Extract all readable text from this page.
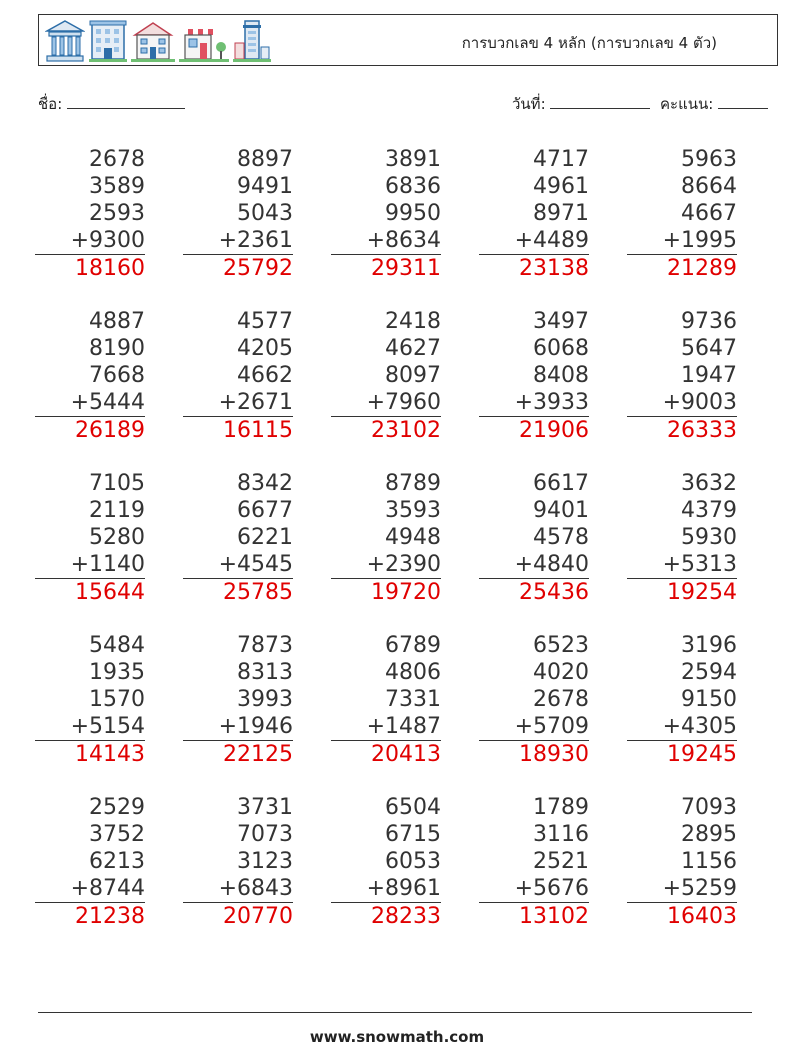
การบวกเลข 4 หลัก (การบวกเลข 4 ตัว)
ชื่อ:	วันที่:	คะแนน:
2678
3589
2593
+9300
18160
8897
9491
5043
+2361
25792
3891
6836
9950
+8634
29311
4717
4961
8971
+4489
23138
5963
8664
4667
+1995
21289
4887
8190
7668
+5444
26189
4577
4205
4662
+2671
16115
2418
4627
8097
+7960
23102
3497
6068
8408
+3933
21906
9736
5647
1947
+9003
26333
7105
2119
5280
+1140
15644
8342
6677
6221
+4545
25785
8789
3593
4948
+2390
19720
6617
9401
4578
+4840
25436
3632
4379
5930
+5313
19254
5484
1935
1570
+5154
14143
7873
8313
3993
+1946
22125
6789
4806
7331
+1487
20413
6523
4020
2678
+5709
18930
3196
2594
9150
+4305
19245
2529
3752
6213
+8744
21238
3731
7073
3123
+6843
20770
6504
6715
6053
+8961
28233
1789
3116
2521
+5676
13102
7093
2895
1156
+5259
16403
www.snowmath.com
